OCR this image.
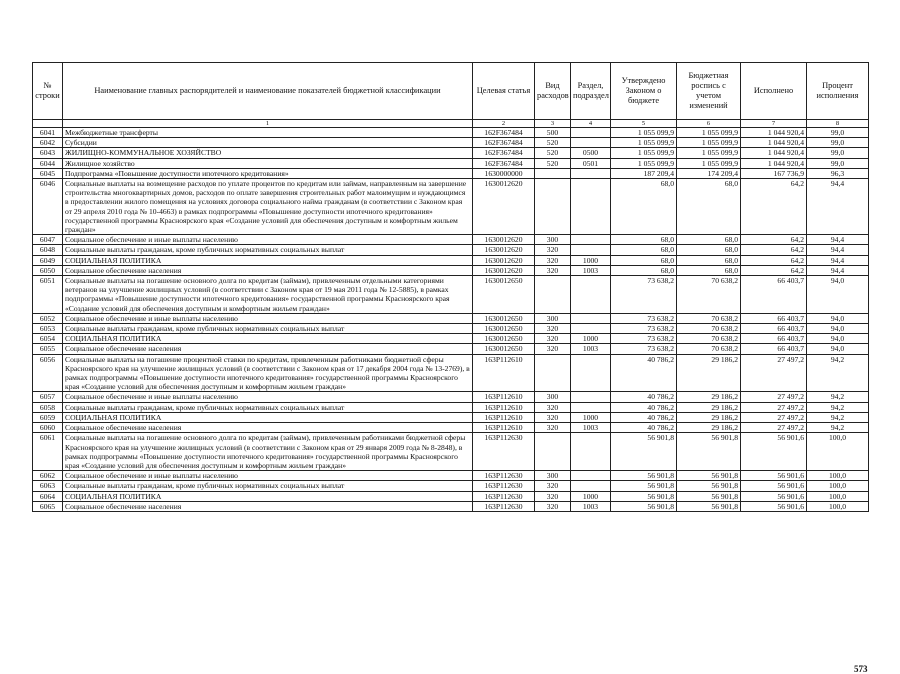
№ строки	Наименование главных распорядителей и наименование показателей бюджетной классификации	Целевая статья	Вид расходов	Раздел, подраздел	Утверждено Законом о бюджете	Бюджетная роспись с учетом изменений	Исполнено	Процент исполнения
	1	2	3	4	5	6	7	8
6041	Межбюджетные трансферты	162F367484	500		1 055 099,9	1 055 099,9	1 044 920,4	99,0
6042	Субсидии	162F367484	520		1 055 099,9	1 055 099,9	1 044 920,4	99,0
6043	ЖИЛИЩНО-КОММУНАЛЬНОЕ ХОЗЯЙСТВО	162F367484	520	0500	1 055 099,9	1 055 099,9	1 044 920,4	99,0
6044	Жилищное хозяйство	162F367484	520	0501	1 055 099,9	1 055 099,9	1 044 920,4	99,0
6045	Подпрограмма «Повышение доступности ипотечного кредитования»	1630000000			187 209,4	174 209,4	167 736,9	96,3
6046	Социальные выплаты на возмещение расходов по уплате процентов по кредитам или займам, направленным на завершение строительства многоквартирных домов, расходов по оплате завершения строительных работ малоимущим и нуждающимся в предоставлении жилого помещения на условиях договора социального найма гражданам (в соответствии с Законом края от 29 апреля 2010 года № 10-4663) в рамках подпрограммы «Повышение доступности ипотечного кредитования» государственной программы Красноярского края «Создание условий для обеспечения доступным и комфортным жильем граждан»	1630012620			68,0	68,0	64,2	94,4
6047	Социальное обеспечение и иные выплаты населению	1630012620	300		68,0	68,0	64,2	94,4
6048	Социальные выплаты гражданам, кроме публичных нормативных социальных выплат	1630012620	320		68,0	68,0	64,2	94,4
6049	СОЦИАЛЬНАЯ ПОЛИТИКА	1630012620	320	1000	68,0	68,0	64,2	94,4
6050	Социальное обеспечение населения	1630012620	320	1003	68,0	68,0	64,2	94,4
6051	Социальные выплаты на погашение основного долга по кредитам (займам), привлеченным отдельными категориями ветеранов на улучшение жилищных условий (в соответствии с Законом края от 19 мая 2011 года № 12-5885), в рамках подпрограммы «Повышение доступности ипотечного кредитования» государственной программы Красноярского края «Создание условий для обеспечения доступным и комфортным жильем граждан»	1630012650			73 638,2	70 638,2	66 403,7	94,0
6052	Социальное обеспечение и иные выплаты населению	1630012650	300		73 638,2	70 638,2	66 403,7	94,0
6053	Социальные выплаты гражданам, кроме публичных нормативных социальных выплат	1630012650	320		73 638,2	70 638,2	66 403,7	94,0
6054	СОЦИАЛЬНАЯ ПОЛИТИКА	1630012650	320	1000	73 638,2	70 638,2	66 403,7	94,0
6055	Социальное обеспечение населения	1630012650	320	1003	73 638,2	70 638,2	66 403,7	94,0
6056	Социальные выплаты на погашение процентной ставки по кредитам, привлеченным работниками бюджетной сферы Красноярского края на улучшение жилищных условий (в соответствии с Законом края от 17 декабря 2004 года № 13-2769), в рамках подпрограммы «Повышение доступности ипотечного кредитования» государственной программы Красноярского края «Создание условий для обеспечения доступным и комфортным жильем граждан»	163P112610			40 786,2	29 186,2	27 497,2	94,2
6057	Социальное обеспечение и иные выплаты населению	163P112610	300		40 786,2	29 186,2	27 497,2	94,2
6058	Социальные выплаты гражданам, кроме публичных нормативных социальных выплат	163P112610	320		40 786,2	29 186,2	27 497,2	94,2
6059	СОЦИАЛЬНАЯ ПОЛИТИКА	163P112610	320	1000	40 786,2	29 186,2	27 497,2	94,2
6060	Социальное обеспечение населения	163P112610	320	1003	40 786,2	29 186,2	27 497,2	94,2
6061	Социальные выплаты на погашение основного долга по кредитам (займам), привлеченным работниками бюджетной сферы Красноярского края на улучшение жилищных условий (в соответствии с Законом края от 29 января 2009 года № 8-2848), в рамках подпрограммы «Повышение доступности ипотечного кредитования» государственной программы Красноярского края «Создание условий для обеспечения доступным и комфортным жильем граждан»	163P112630			56 901,8	56 901,8	56 901,6	100,0
6062	Социальное обеспечение и иные выплаты населению	163P112630	300		56 901,8	56 901,8	56 901,6	100,0
6063	Социальные выплаты гражданам, кроме публичных нормативных социальных выплат	163P112630	320		56 901,8	56 901,8	56 901,6	100,0
6064	СОЦИАЛЬНАЯ ПОЛИТИКА	163P112630	320	1000	56 901,8	56 901,8	56 901,6	100,0
6065	Социальное обеспечение населения	163P112630	320	1003	56 901,8	56 901,8	56 901,6	100,0
573
